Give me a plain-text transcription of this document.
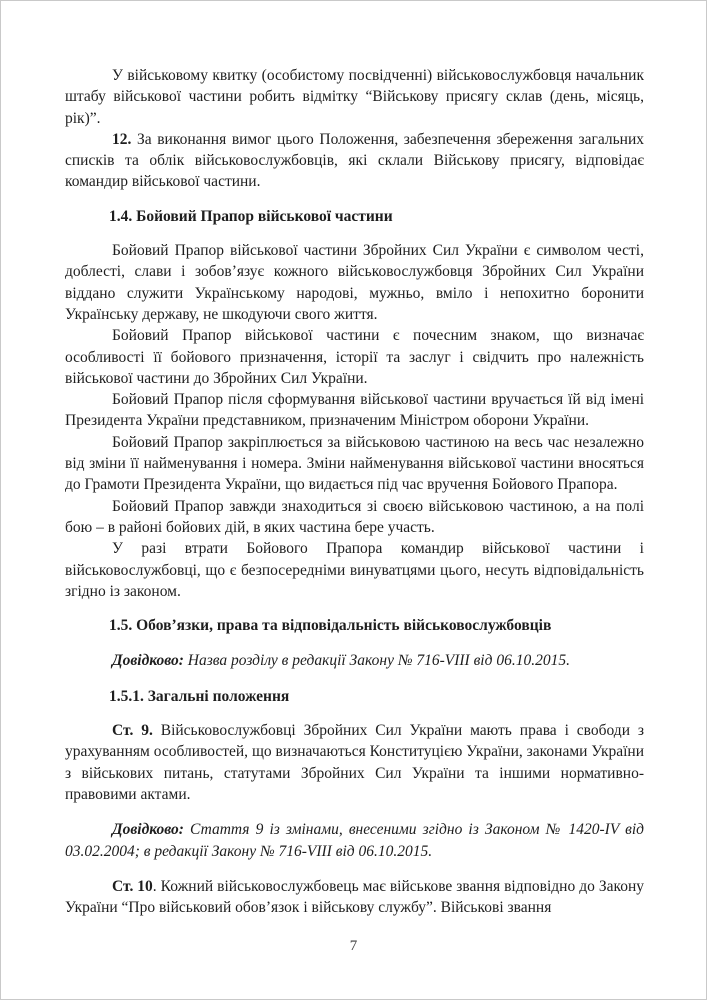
У військовому квитку (особистому посвідченні) військовослужбовця начальник штабу військової частини робить відмітку “Військову присягу склав (день, місяць, рік)”.

12. За виконання вимог цього Положення, забезпечення збереження загальних списків та облік військовослужбовців, які склали Військову присягу, відповідає командир військової частини.

1.4. Бойовий Прапор військової частини

Бойовий Прапор військової частини Збройних Сил України є символом честі, доблесті, слави і зобов’язує кожного військовослужбовця Збройних Сил України віддано служити Українському народові, мужньо, вміло і непохитно боронити Українську державу, не шкодуючи свого життя.

Бойовий Прапор військової частини є почесним знаком, що визначає особливості її бойового призначення, історії та заслуг і свідчить про належність військової частини до Збройних Сил України.

Бойовий Прапор після сформування військової частини вручається їй від імені Президента України представником, призначеним Міністром оборони України.

Бойовий Прапор закріплюється за військовою частиною на весь час незалежно від зміни її найменування і номера. Зміни найменування військової частини вносяться до Грамоти Президента України, що видається під час вручення Бойового Прапора.

Бойовий Прапор завжди знаходиться зі своєю військовою частиною, а на полі бою – в районі бойових дій, в яких частина бере участь.

У разі втрати Бойового Прапора командир військової частини і військовослужбовці, що є безпосередніми винуватцями цього, несуть відповідальність згідно із законом.

1.5. Обов’язки, права та відповідальність військовослужбовців

Довідково: Назва розділу в редакції Закону № 716-VIII від 06.10.2015.

1.5.1. Загальні положення

Ст. 9. Військовослужбовці Збройних Сил України мають права і свободи з урахуванням особливостей, що визначаються Конституцією України, законами України з військових питань, статутами Збройних Сил України та іншими нормативно-правовими актами.

Довідково: Стаття 9 із змінами, внесеними згідно із Законом № 1420-IV від 03.02.2004; в редакції Закону № 716-VIII від 06.10.2015.

Ст. 10. Кожний військовослужбовець має військове звання відповідно до Закону України “Про військовий обов’язок і військову службу”. Військові звання

7
